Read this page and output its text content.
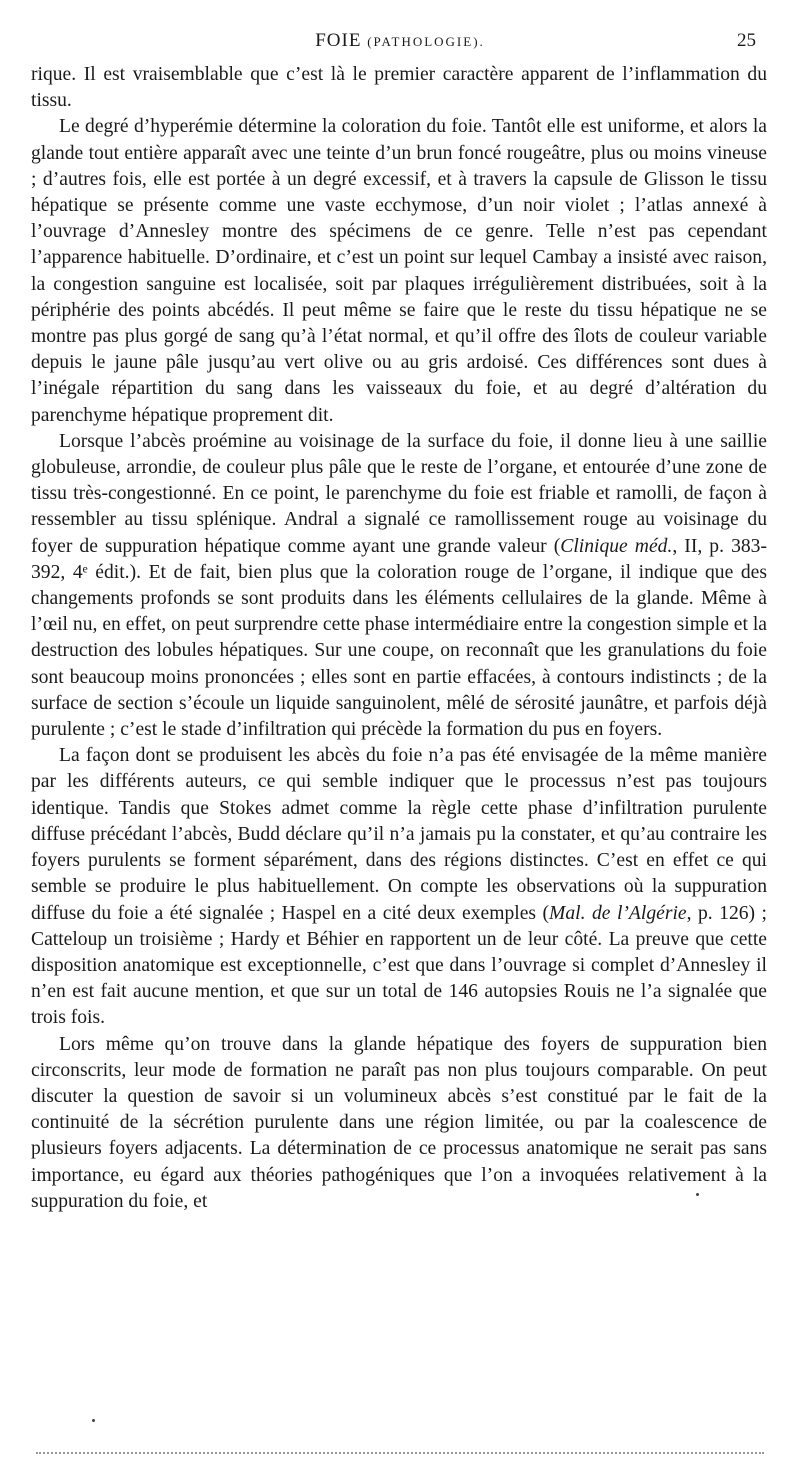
FOIE (PATHOLOGIE).	25

rique. Il est vraisemblable que c’est là le premier caractère apparent de l’inflammation du tissu.

Le degré d’hyperémie détermine la coloration du foie. Tantôt elle est uniforme, et alors la glande tout entière apparaît avec une teinte d’un brun foncé rougeâtre, plus ou moins vineuse ; d’autres fois, elle est portée à un degré excessif, et à travers la capsule de Glisson le tissu hépatique se présente comme une vaste ecchymose, d’un noir violet ; l’atlas annexé à l’ouvrage d’Annesley montre des spécimens de ce genre. Telle n’est pas cependant l’apparence habituelle. D’ordinaire, et c’est un point sur lequel Cambay a insisté avec raison, la congestion sanguine est localisée, soit par plaques irrégulièrement distribuées, soit à la périphérie des points abcédés. Il peut même se faire que le reste du tissu hépatique ne se montre pas plus gorgé de sang qu’à l’état normal, et qu’il offre des îlots de couleur variable depuis le jaune pâle jusqu’au vert olive ou au gris ardoisé. Ces différences sont dues à l’inégale répartition du sang dans les vaisseaux du foie, et au degré d’altération du parenchyme hépatique proprement dit.

Lorsque l’abcès proémine au voisinage de la surface du foie, il donne lieu à une saillie globuleuse, arrondie, de couleur plus pâle que le reste de l’organe, et entourée d’une zone de tissu très-congestionné. En ce point, le parenchyme du foie est friable et ramolli, de façon à ressembler au tissu splénique. Andral a signalé ce ramollissement rouge au voisinage du foyer de suppuration hépatique comme ayant une grande valeur (Clinique méd., II, p. 383-392, 4ᵉ édit.). Et de fait, bien plus que la coloration rouge de l’organe, il indique que des changements profonds se sont produits dans les éléments cellulaires de la glande. Même à l’œil nu, en effet, on peut surprendre cette phase intermédiaire entre la congestion simple et la destruction des lobules hépatiques. Sur une coupe, on reconnaît que les granulations du foie sont beaucoup moins prononcées ; elles sont en partie effacées, à contours indistincts ; de la surface de section s’écoule un liquide sanguinolent, mêlé de sérosité jaunâtre, et parfois déjà purulente ; c’est le stade d’infiltration qui précède la formation du pus en foyers.

La façon dont se produisent les abcès du foie n’a pas été envisagée de la même manière par les différents auteurs, ce qui semble indiquer que le processus n’est pas toujours identique. Tandis que Stokes admet comme la règle cette phase d’infiltration purulente diffuse précédant l’abcès, Budd déclare qu’il n’a jamais pu la constater, et qu’au contraire les foyers purulents se forment séparément, dans des régions distinctes. C’est en effet ce qui semble se produire le plus habituellement. On compte les observations où la suppuration diffuse du foie a été signalée ; Haspel en a cité deux exemples (Mal. de l’Algérie, p. 126) ; Catteloup un troisième ; Hardy et Béhier en rapportent un de leur côté. La preuve que cette disposition anatomique est exceptionnelle, c’est que dans l’ouvrage si complet d’Annesley il n’en est fait aucune mention, et que sur un total de 146 autopsies Rouis ne l’a signalée que trois fois.

Lors même qu’on trouve dans la glande hépatique des foyers de suppuration bien circonscrits, leur mode de formation ne paraît pas non plus toujours comparable. On peut discuter la question de savoir si un volumineux abcès s’est constitué par le fait de la continuité de la sécrétion purulente dans une région limitée, ou par la coalescence de plusieurs foyers adjacents. La détermination de ce processus anatomique ne serait pas sans importance, eu égard aux théories pathogéniques que l’on a invoquées relativement à la suppuration du foie, et
